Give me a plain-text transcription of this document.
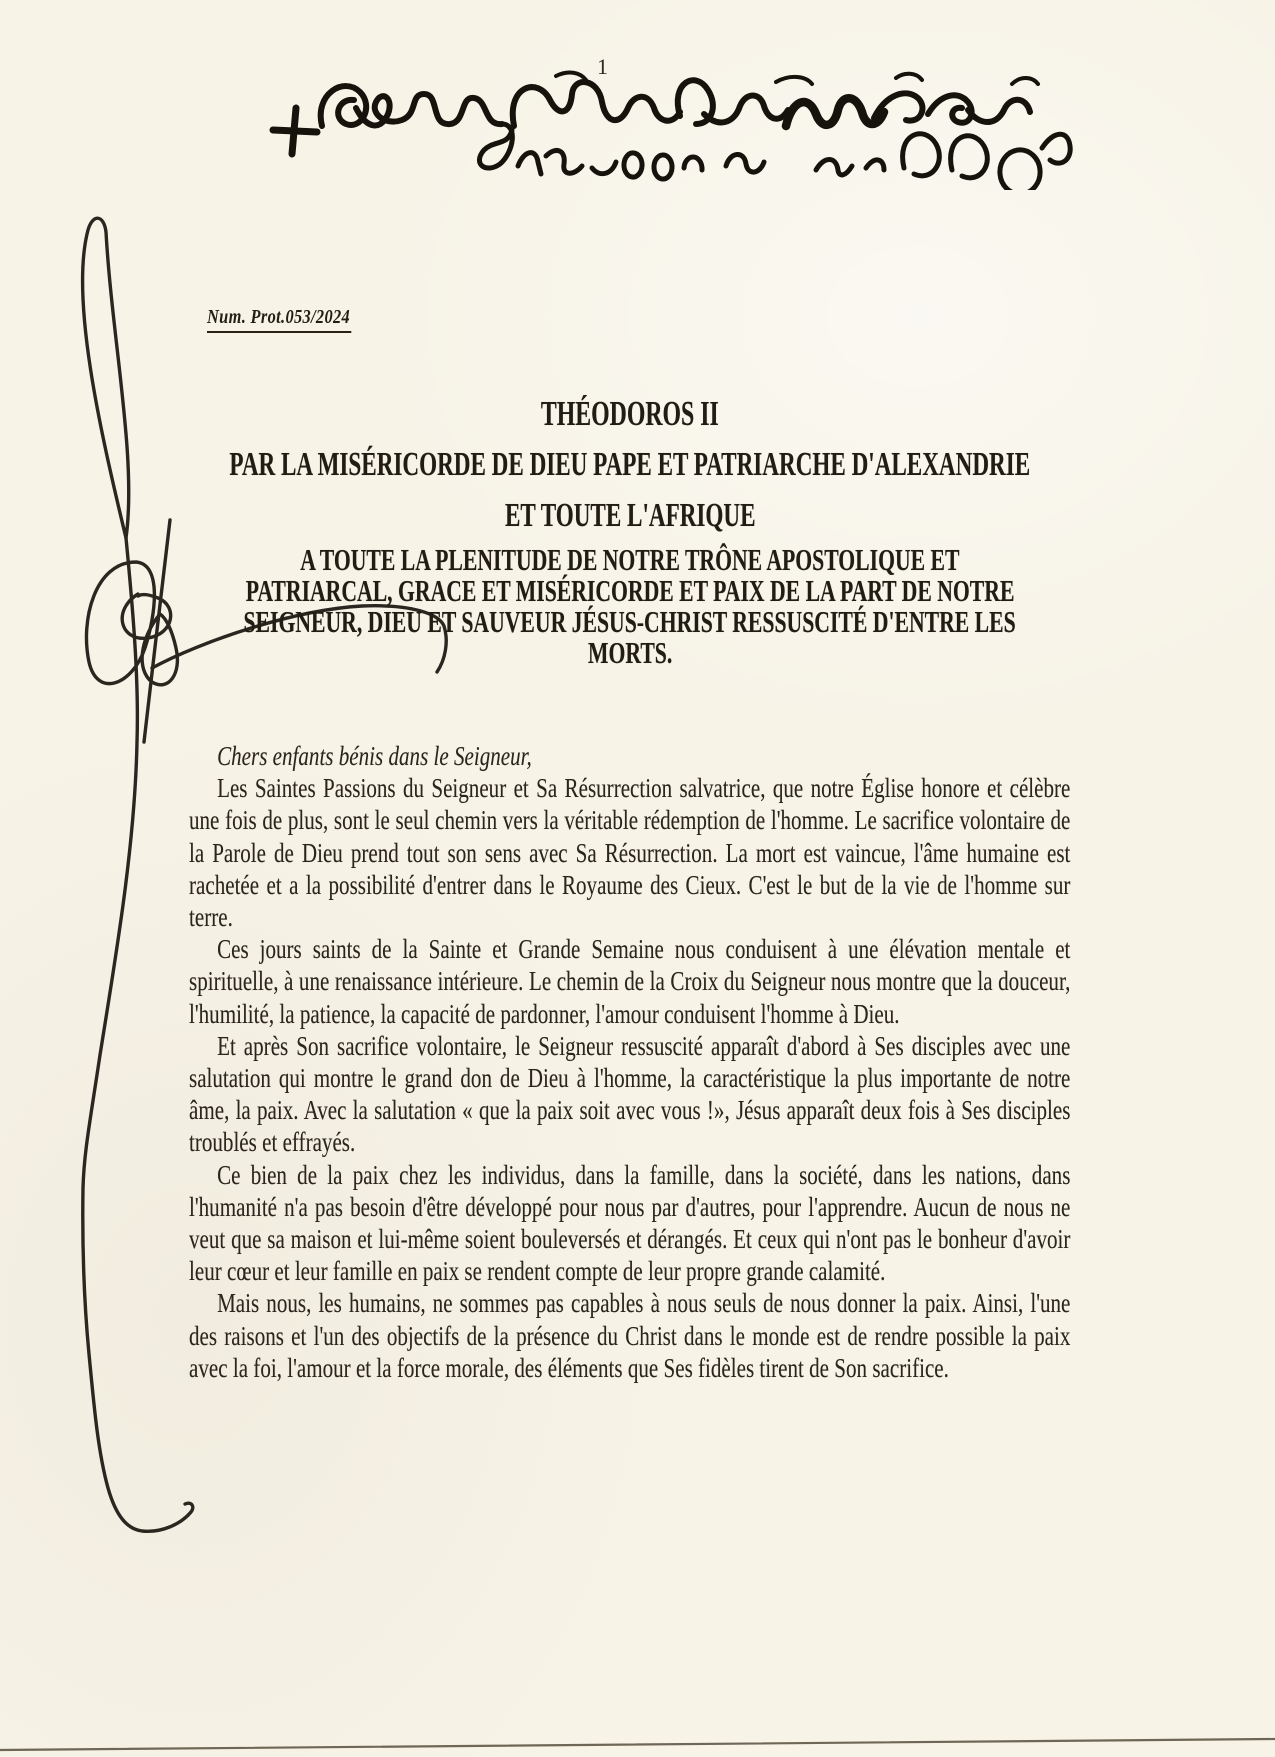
1
Num. Prot.053/2024
THÉODOROS II
PAR LA MISÉRICORDE DE DIEU PAPE ET PATRIARCHE D'ALEXANDRIE
ET TOUTE L'AFRIQUE
A TOUTE LA PLENITUDE DE NOTRE TRÔNE APOSTOLIQUE ET
PATRIARCAL, GRACE ET MISÉRICORDE ET PAIX DE LA PART DE NOTRE
SEIGNEUR, DIEU ET SAUVEUR JÉSUS-CHRIST RESSUSCITÉ D'ENTRE LES
MORTS.

Chers enfants bénis dans le Seigneur,

Les Saintes Passions du Seigneur et Sa Résurrection salvatrice, que notre Église honore et célèbre une fois de plus, sont le seul chemin vers la véritable rédemption de l'homme. Le sacrifice volontaire de la Parole de Dieu prend tout son sens avec Sa Résurrection. La mort est vaincue, l'âme humaine est rachetée et a la possibilité d'entrer dans le Royaume des Cieux. C'est le but de la vie de l'homme sur terre.

Ces jours saints de la Sainte et Grande Semaine nous conduisent à une élévation mentale et spirituelle, à une renaissance intérieure. Le chemin de la Croix du Seigneur nous montre que la douceur, l'humilité, la patience, la capacité de pardonner, l'amour conduisent l'homme à Dieu.

Et après Son sacrifice volontaire, le Seigneur ressuscité apparaît d'abord à Ses disciples avec une salutation qui montre le grand don de Dieu à l'homme, la caractéristique la plus importante de notre âme, la paix. Avec la salutation « que la paix soit avec vous !», Jésus apparaît deux fois à Ses disciples troublés et effrayés.

Ce bien de la paix chez les individus, dans la famille, dans la société, dans les nations, dans l'humanité n'a pas besoin d'être développé pour nous par d'autres, pour l'apprendre. Aucun de nous ne veut que sa maison et lui-même soient bouleversés et dérangés. Et ceux qui n'ont pas le bonheur d'avoir leur cœur et leur famille en paix se rendent compte de leur propre grande calamité.

Mais nous, les humains, ne sommes pas capables à nous seuls de nous donner la paix. Ainsi, l'une des raisons et l'un des objectifs de la présence du Christ dans le monde est de rendre possible la paix avec la foi, l'amour et la force morale, des éléments que Ses fidèles tirent de Son sacrifice.
